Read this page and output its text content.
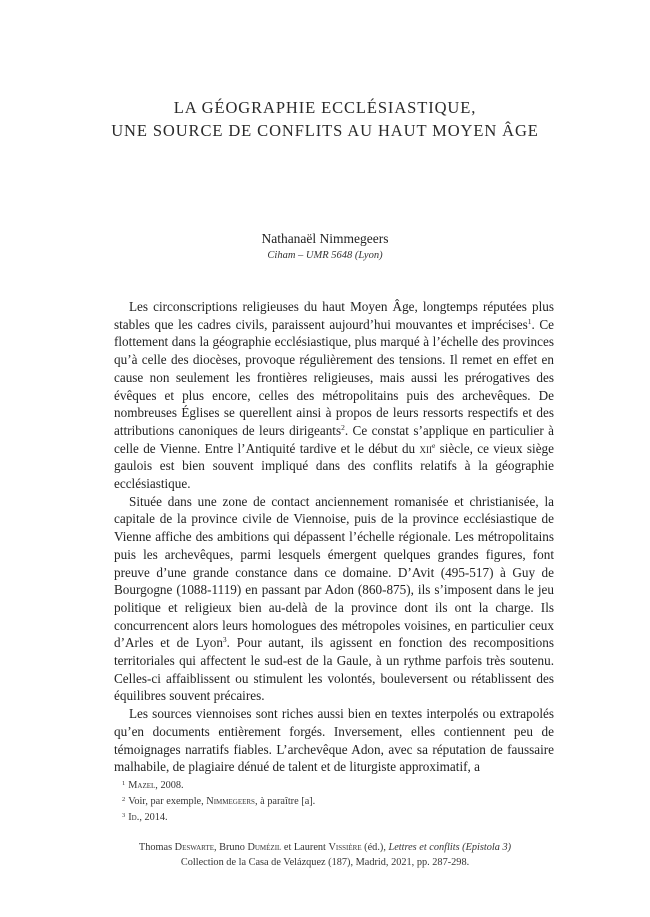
LA GÉOGRAPHIE ECCLÉSIASTIQUE,
UNE SOURCE DE CONFLITS AU HAUT MOYEN ÂGE
Nathanaël Nimmegeers
Ciham – UMR 5648 (Lyon)

Les circonscriptions religieuses du haut Moyen Âge, longtemps réputées plus stables que les cadres civils, paraissent aujourd’hui mouvantes et imprécises$^1$. Ce flottement dans la géographie ecclésiastique, plus marqué à l’échelle des provinces qu’à celle des diocèses, provoque régulièrement des tensions. Il remet en effet en cause non seulement les frontières religieuses, mais aussi les prérogatives des évêques et plus encore, celles des métropolitains puis des archevêques. De nombreuses Églises se querellent ainsi à propos de leurs ressorts respectifs et des attributions canoniques de leurs dirigeants$^2$. Ce constat s’applique en particulier à celle de Vienne. Entre l’Antiquité tardive et le début du xii$^e$ siècle, ce vieux siège gaulois est bien souvent impliqué dans des conflits relatifs à la géographie ecclésiastique.

Située dans une zone de contact anciennement romanisée et christianisée, la capitale de la province civile de Viennoise, puis de la province ecclésiastique de Vienne affiche des ambitions qui dépassent l’échelle régionale. Les métropolitains puis les archevêques, parmi lesquels émergent quelques grandes figures, font preuve d’une grande constance dans ce domaine. D’Avit (495-517) à Guy de Bourgogne (1088-1119) en passant par Adon (860-875), ils s’imposent dans le jeu politique et religieux bien au-delà de la province dont ils ont la charge. Ils concurrencent alors leurs homologues des métropoles voisines, en particulier ceux d’Arles et de Lyon$^3$. Pour autant, ils agissent en fonction des recompositions territoriales qui affectent le sud-est de la Gaule, à un rythme parfois très soutenu. Celles-ci affaiblissent ou stimulent les volontés, bouleversent ou rétablissent des équilibres souvent précaires.

Les sources viennoises sont riches aussi bien en textes interpolés ou extrapolés qu’en documents entièrement forgés. Inversement, elles contiennent peu de témoignages narratifs fiables. L’archevêque Adon, avec sa réputation de faussaire malhabile, de plagiaire dénué de talent et de liturgiste approximatif, a

$^1$ Mazel, 2008.
$^2$ Voir, par exemple, Nimmegeers, à paraître [a].
$^3$ Id., 2014.
Thomas Deswarte, Bruno Dumézil et Laurent Vissière (éd.), Lettres et conflits (Epistola 3)
Collection de la Casa de Velázquez (187), Madrid, 2021, pp. 287-298.
